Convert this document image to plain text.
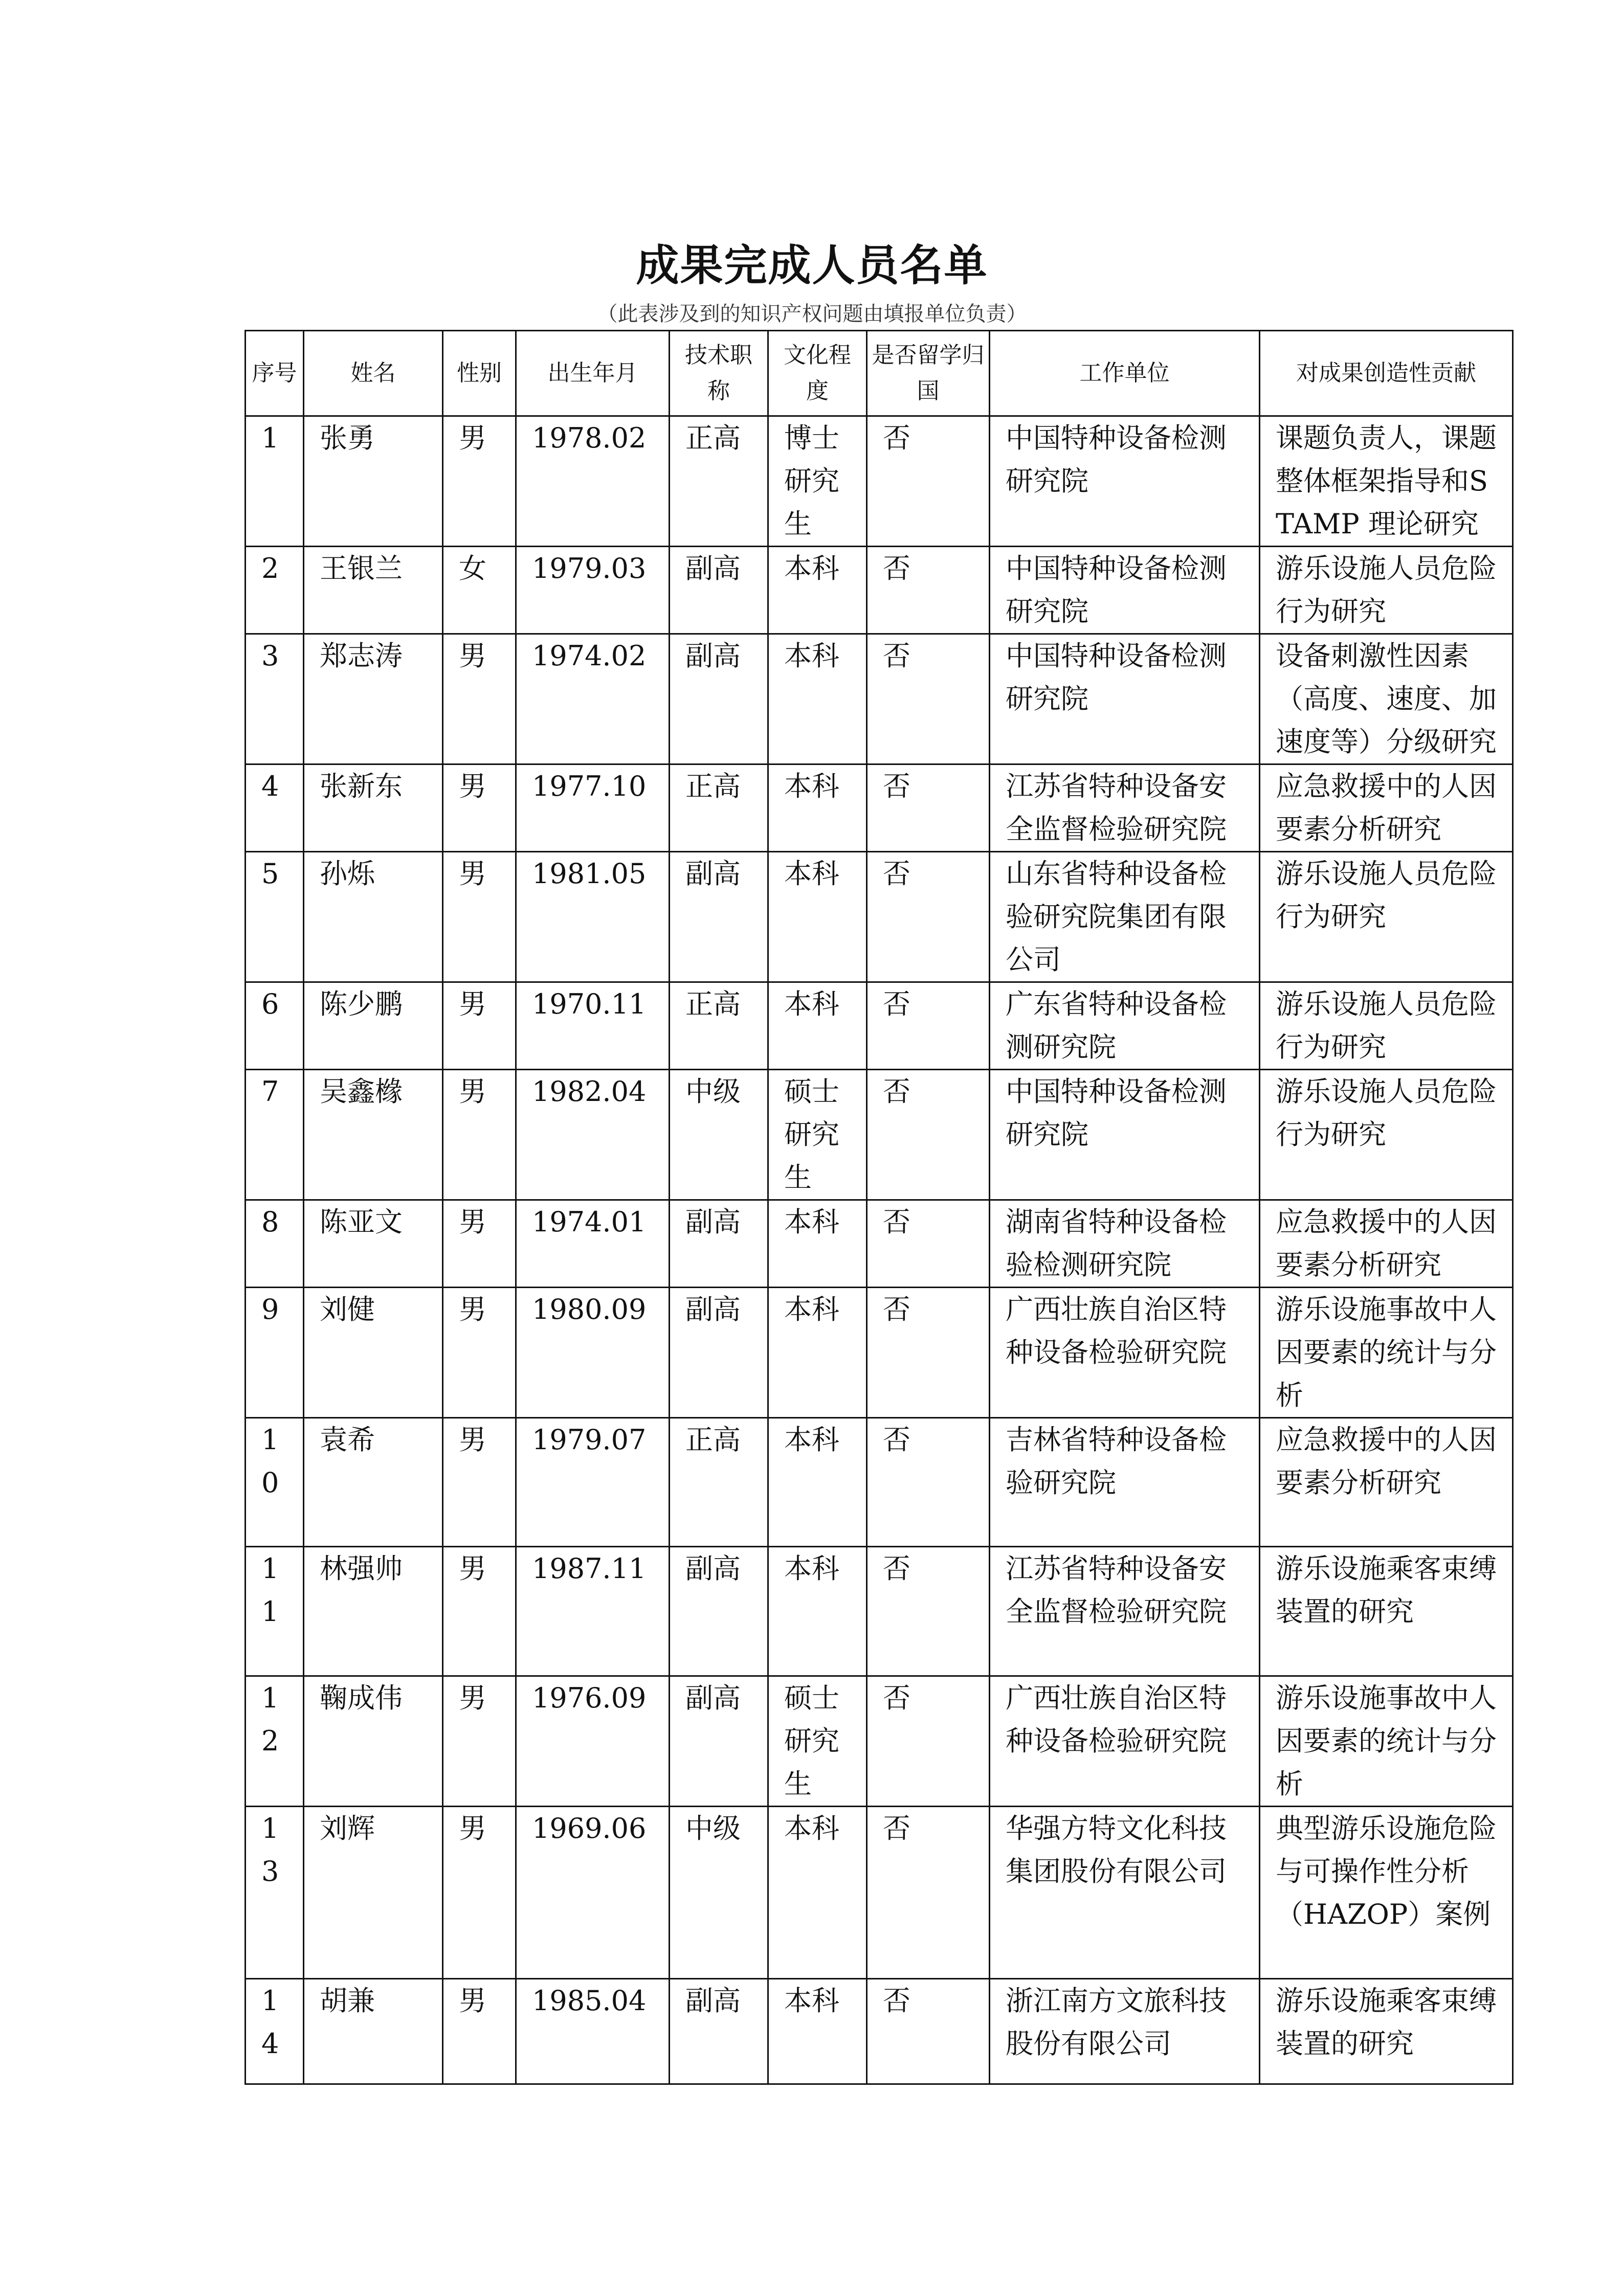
成果完成人员名单
（此表涉及到的知识产权问题由填报单位负责）
序号	姓名	性别	出生年月	技术职称	文化程度	是否留学归国	工作单位	对成果创造性贡献
1	张勇	男	1978.02	正高	博士研究生	否	中国特种设备检测研究院	课题负责人，课题整体框架指导和STAMP 理论研究
2	王银兰	女	1979.03	副高	本科	否	中国特种设备检测研究院	游乐设施人员危险行为研究
3	郑志涛	男	1974.02	副高	本科	否	中国特种设备检测研究院	设备刺激性因素（高度、速度、加速度等）分级研究
4	张新东	男	1977.10	正高	本科	否	江苏省特种设备安全监督检验研究院	应急救援中的人因要素分析研究
5	孙烁	男	1981.05	副高	本科	否	山东省特种设备检验研究院集团有限公司	游乐设施人员危险行为研究
6	陈少鹏	男	1970.11	正高	本科	否	广东省特种设备检测研究院	游乐设施人员危险行为研究
7	吴鑫橼	男	1982.04	中级	硕士研究生	否	中国特种设备检测研究院	游乐设施人员危险行为研究
8	陈亚文	男	1974.01	副高	本科	否	湖南省特种设备检验检测研究院	应急救援中的人因要素分析研究
9	刘健	男	1980.09	副高	本科	否	广西壮族自治区特种设备检验研究院	游乐设施事故中人因要素的统计与分析
10	袁希	男	1979.07	正高	本科	否	吉林省特种设备检验研究院	应急救援中的人因要素分析研究
11	林强帅	男	1987.11	副高	本科	否	江苏省特种设备安全监督检验研究院	游乐设施乘客束缚装置的研究
12	鞠成伟	男	1976.09	副高	硕士研究生	否	广西壮族自治区特种设备检验研究院	游乐设施事故中人因要素的统计与分析
13	刘辉	男	1969.06	中级	本科	否	华强方特文化科技集团股份有限公司	典型游乐设施危险与可操作性分析（HAZOP）案例
14	胡兼	男	1985.04	副高	本科	否	浙江南方文旅科技股份有限公司	游乐设施乘客束缚装置的研究
